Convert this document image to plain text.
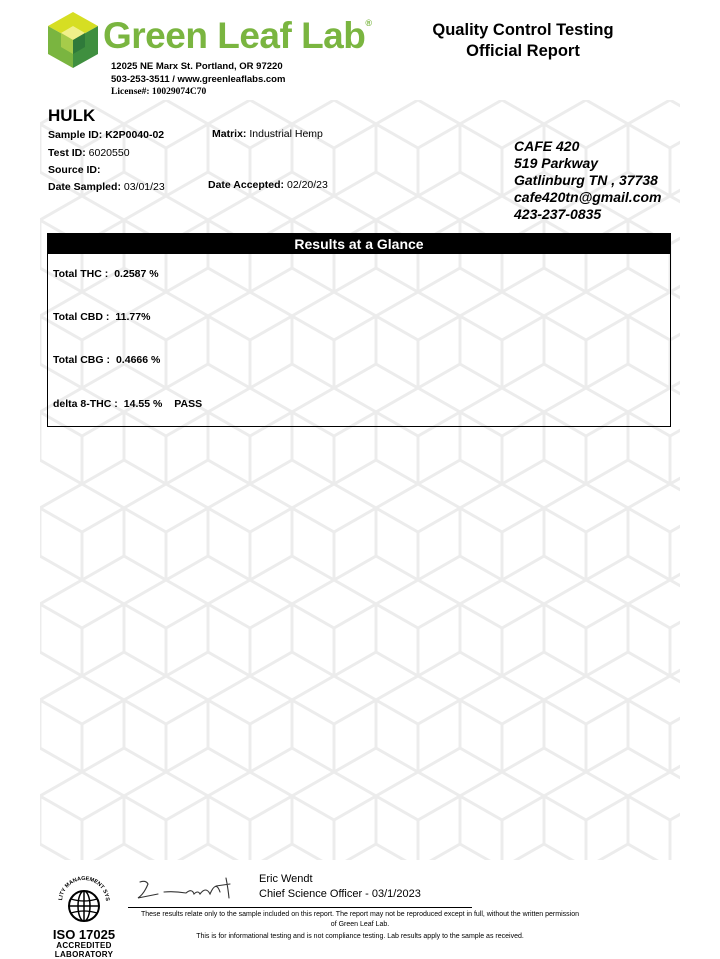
Green Leaf Lab®
12025 NE Marx St. Portland, OR 97220
503-253-3511 / www.greenleaflabs.com
License#: 10029074C70
Quality Control Testing
Official Report
HULK
Sample ID: K2P0040-02	Matrix: Industrial Hemp
Test ID: 6020550
Source ID:
Date Sampled: 03/01/23	Date Accepted: 02/20/23
CAFE 420
519 Parkway
Gatlinburg TN , 37738
cafe420tn@gmail.com
423-237-0835
Results at a Glance
Total THC : 0.2587 %
Total CBD : 11.77%
Total CBG : 0.4666 %
delta 8-THC : 14.55 % PASS
LITY MANAGEMENT SYS
ISO 17025
ACCREDITED
LABORATORY
Eric Wendt
Chief Science Officer - 03/1/2023
These results relate only to the sample included on this report. The report may not be reproduced except in full, without the written permission of Green Leaf Lab.
This is for informational testing and is not compliance testing. Lab results apply to the sample as received.
